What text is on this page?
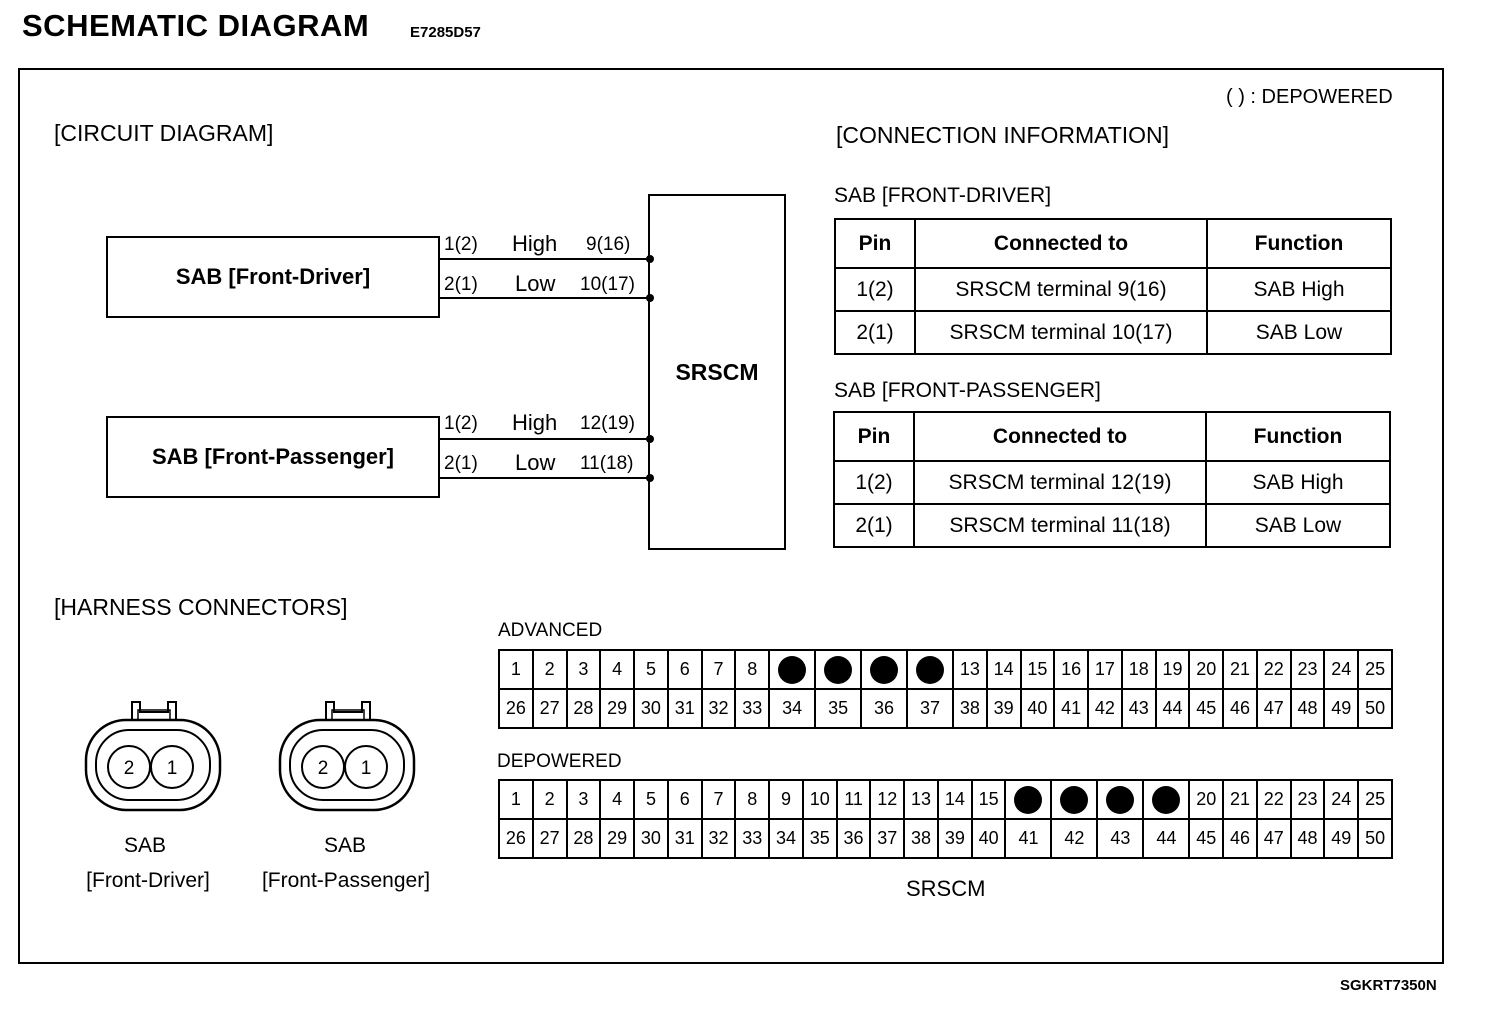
SCHEMATIC DIAGRAM	E7285D57
( ) : DEPOWERED
[CIRCUIT DIAGRAM]
SAB [Front-Driver]
SAB [Front-Passenger]
SRSCM
1(2) High 9(16)
2(1) Low 10(17)
1(2) High 12(19)
2(1) Low 11(18)
[CONNECTION INFORMATION]
SAB [FRONT-DRIVER]
Pin	Connected to	Function
1(2)	SRSCM terminal 9(16)	SAB High
2(1)	SRSCM terminal 10(17)	SAB Low
SAB [FRONT-PASSENGER]
Pin	Connected to	Function
1(2)	SRSCM terminal 12(19)	SAB High
2(1)	SRSCM terminal 11(18)	SAB Low
[HARNESS CONNECTORS]
2 1
SAB
[Front-Driver]
2 1
SAB
[Front-Passenger]
ADVANCED
1	2	3	4	5	6	7	8					13	14	15	16	17	18	19	20	21	22	23	24	25
26	27	28	29	30	31	32	33	34	35	36	37	38	39	40	41	42	43	44	45	46	47	48	49	50
DEPOWERED
1	2	3	4	5	6	7	8	9	10	11	12	13	14	15					20	21	22	23	24	25
26	27	28	29	30	31	32	33	34	35	36	37	38	39	40	41	42	43	44	45	46	47	48	49	50
SRSCM
SGKRT7350N
